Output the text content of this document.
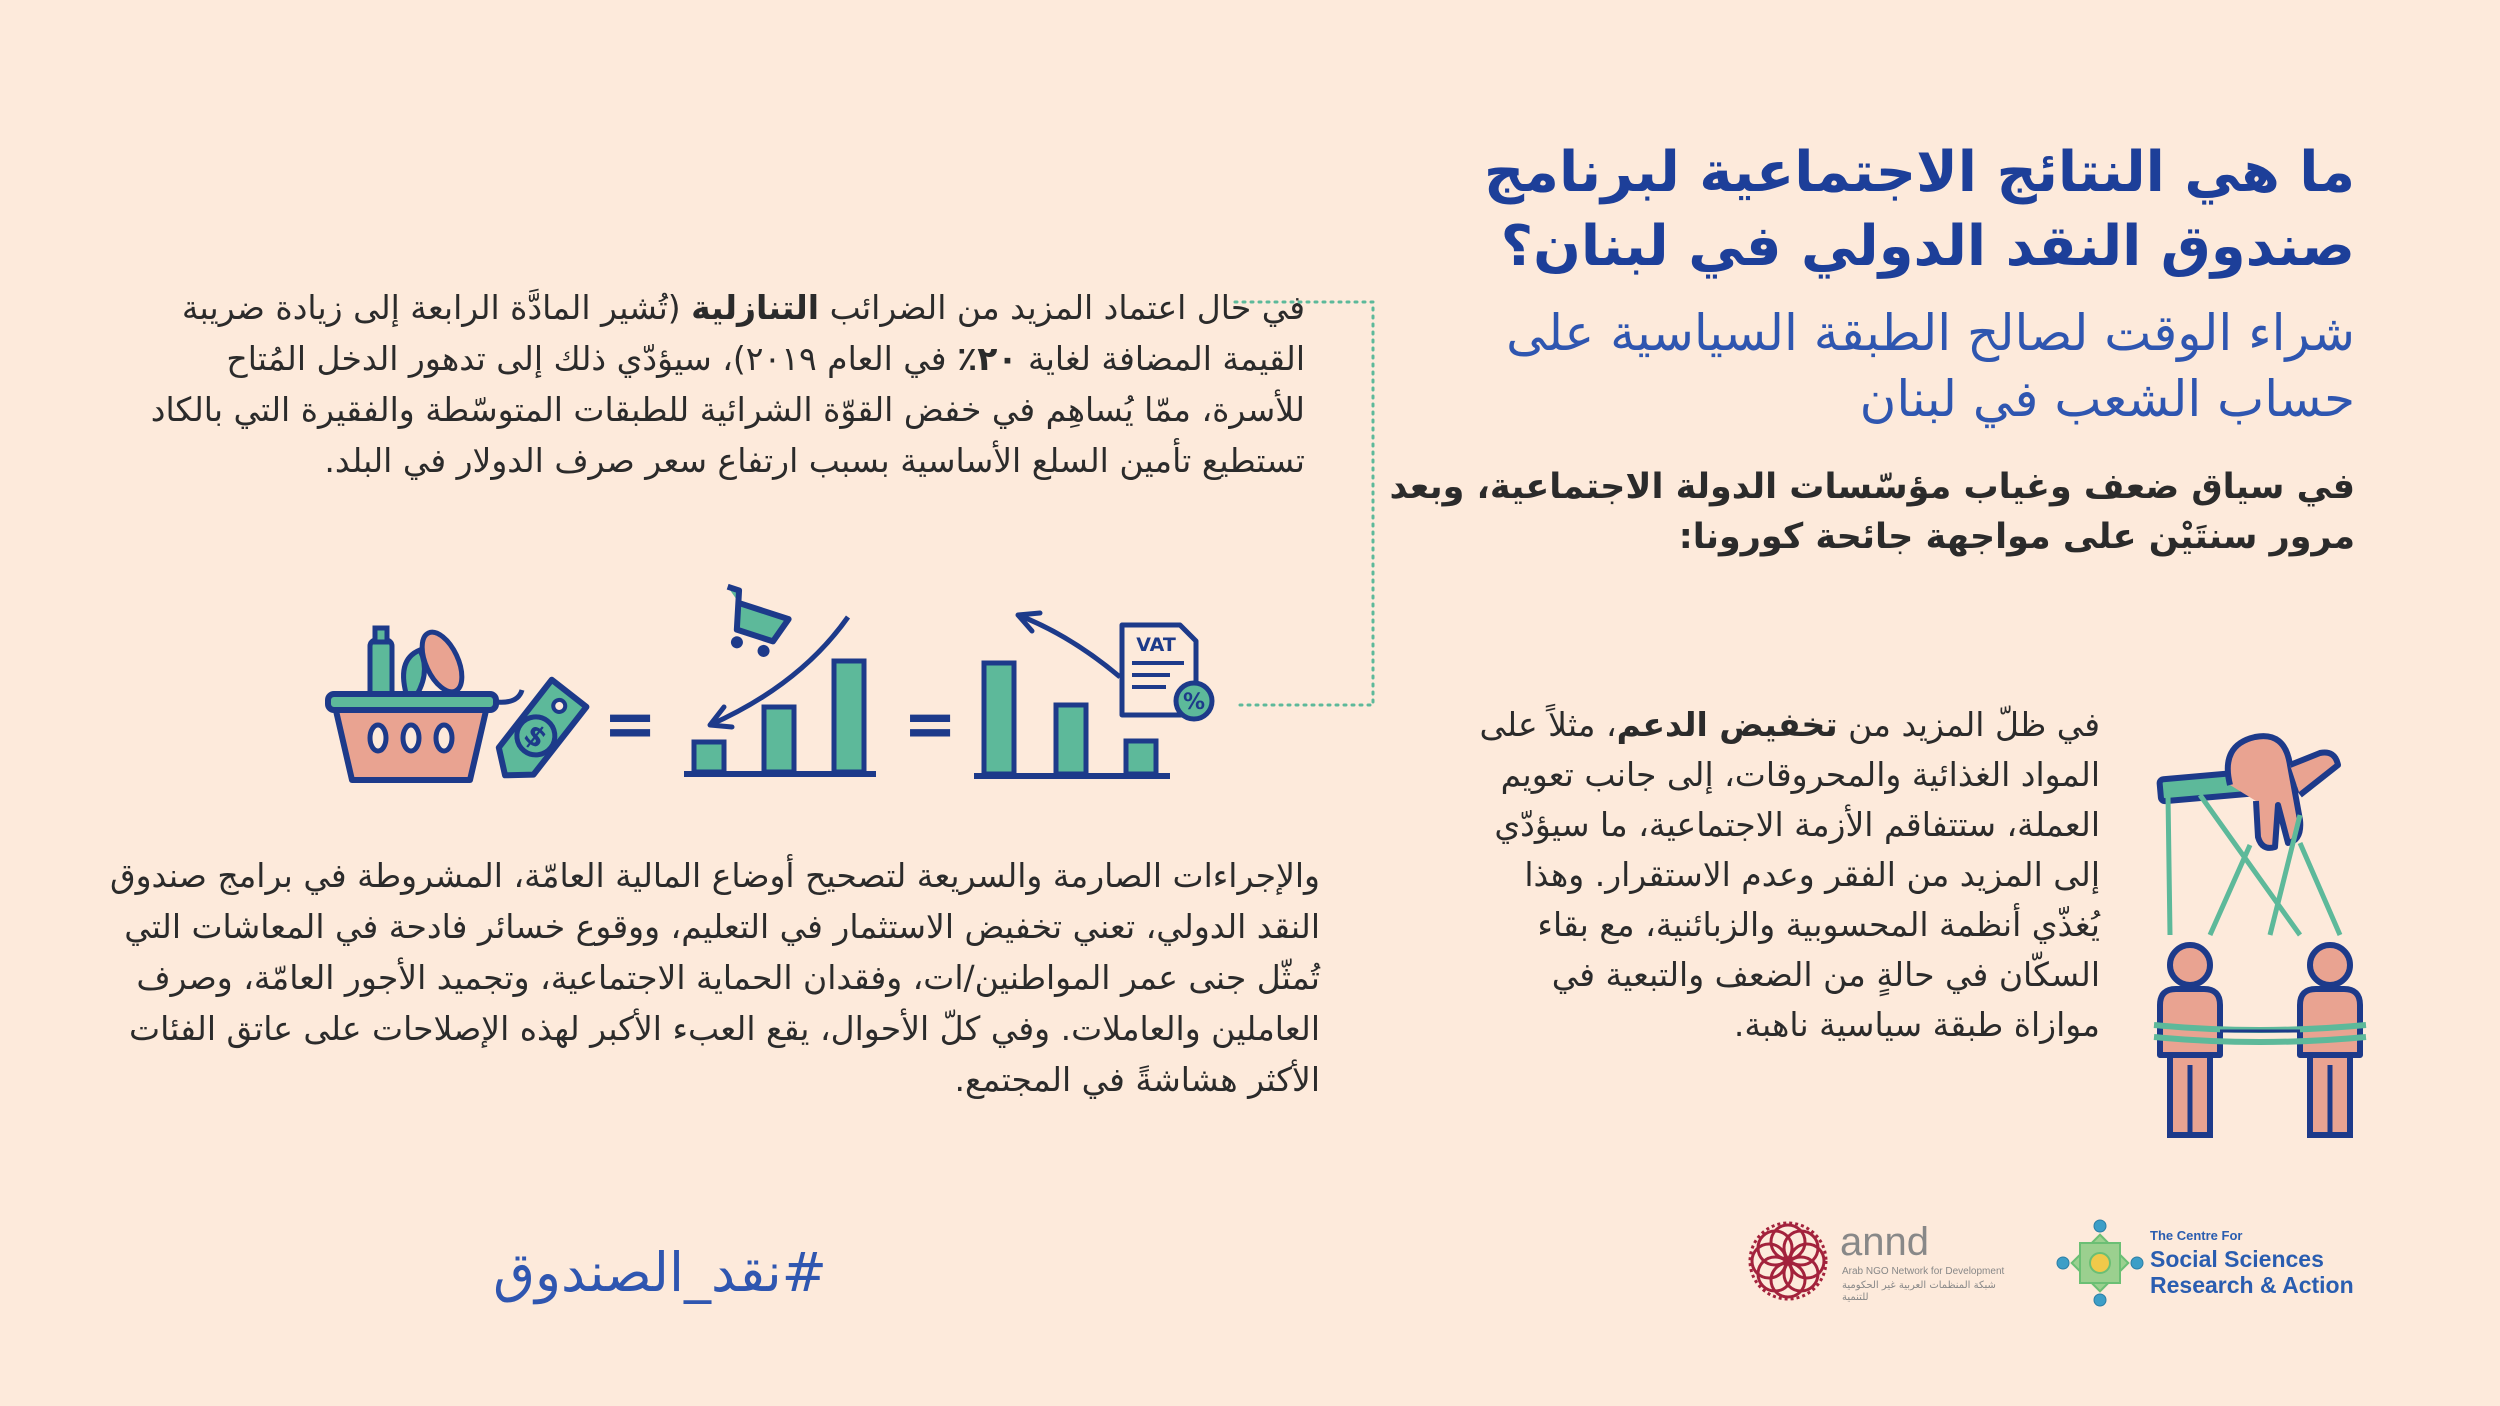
ما هي النتائج الاجتماعية لبرنامج صندوق النقد الدولي في لبنان؟
شراء الوقت لصالح الطبقة السياسية على حساب الشعب في لبنان
في سياق ضعف وغياب مؤسّسات الدولة الاجتماعية، وبعد مرور سنتَيْن على مواجهة جائحة كورونا:
في حال اعتماد المزيد من الضرائب التنازلية (تُشير المادَّة الرابعة إلى زيادة ضريبة القيمة المضافة لغاية ٢٠٪ في العام ٢٠١٩)، سيؤدّي ذلك إلى تدهور الدخل المُتاح للأسرة، ممّا يُساهِم في خفض القوّة الشرائية للطبقات المتوسّطة والفقيرة التي بالكاد تستطيع تأمين السلع الأساسية بسبب ارتفاع سعر صرف الدولار في البلد.
$ =	=
VAT
%
والإجراءات الصارمة والسريعة لتصحيح أوضاع المالية العامّة، المشروطة في برامج صندوق النقد الدولي، تعني تخفيض الاستثمار في التعليم، ووقوع خسائر فادحة في المعاشات التي تُمثّل جنى عمر المواطنين/ات، وفقدان الحماية الاجتماعية، وتجميد الأجور العامّة، وصرف العاملين والعاملات. وفي كلّ الأحوال، يقع العبء الأكبر لهذه الإصلاحات على عاتق الفئات الأكثر هشاشةً في المجتمع.
في ظلّ المزيد من تخفيض الدعم، مثلاً على المواد الغذائية والمحروقات، إلى جانب تعويم العملة، ستتفاقم الأزمة الاجتماعية، ما سيؤدّي إلى المزيد من الفقر وعدم الاستقرار. وهذا يُغذّي أنظمة المحسوبية والزبائنية، مع بقاء السكّان في حالةٍ من الضعف والتبعية في موازاة طبقة سياسية ناهبة.
#نقد_الصندوق	annd
Arab NGO Network for Development
شبكة المنظمات العربية غير الحكومية للتنمية
The Centre For
Social Sciences
Research & Action
